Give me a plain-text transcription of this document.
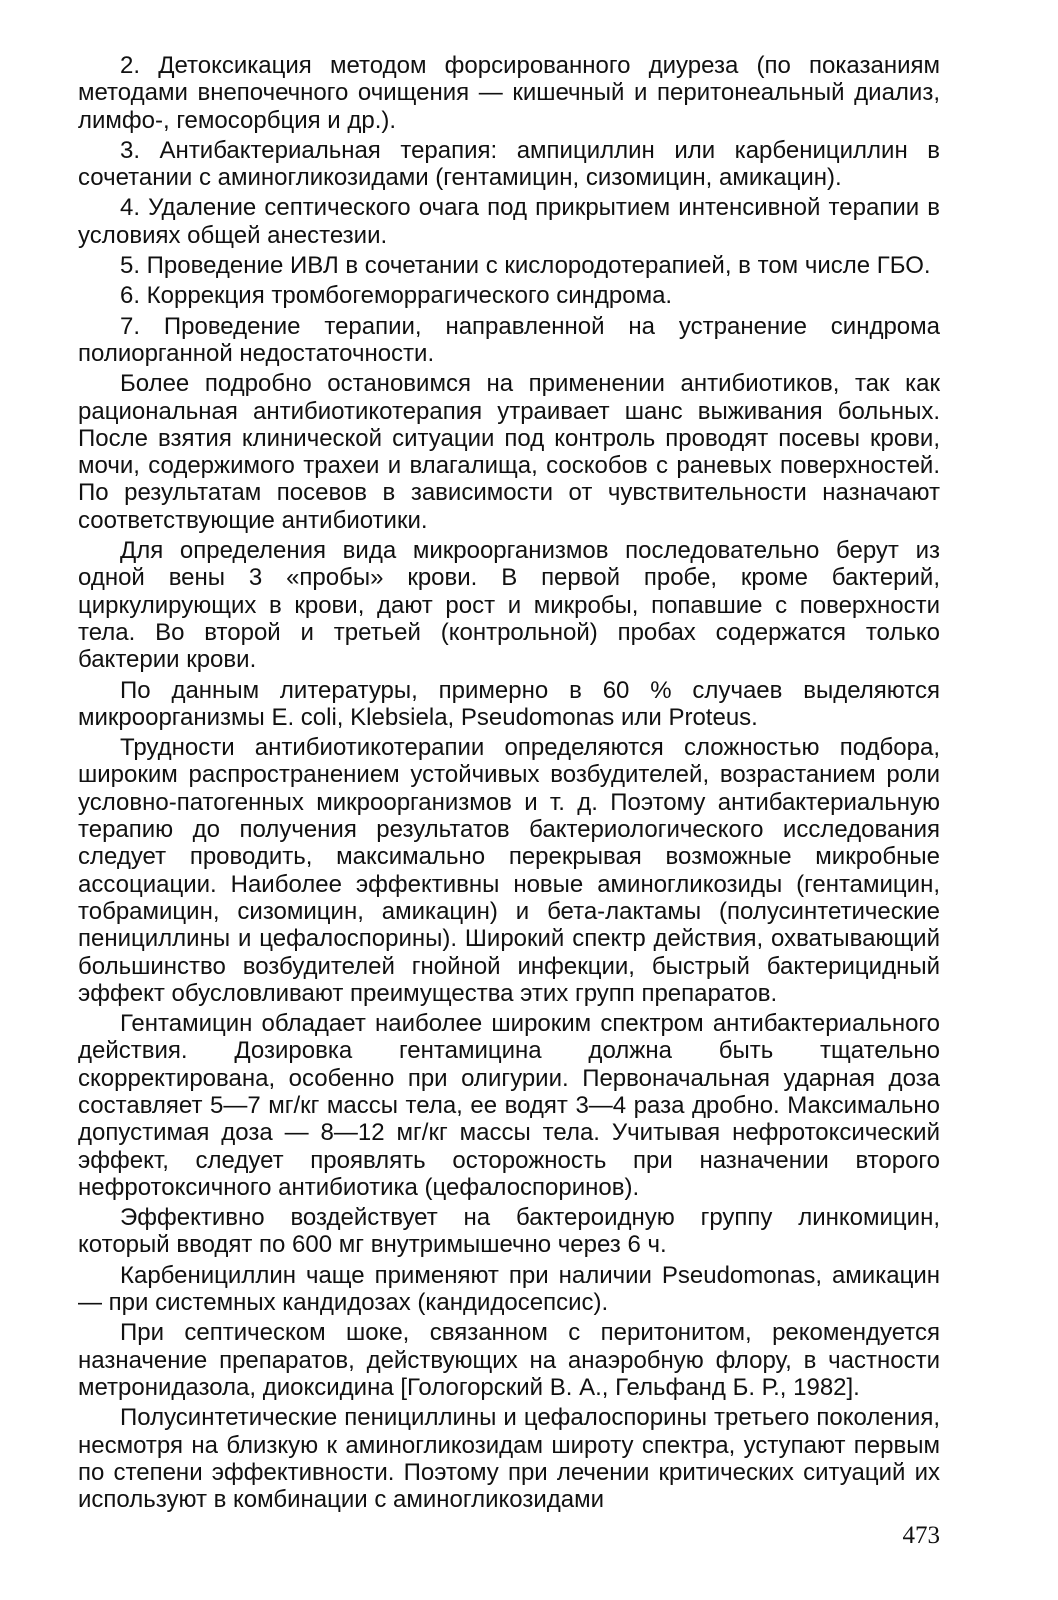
2. Детоксикация методом форсированного диуреза (по показаниям методами внепочечного очищения — кишечный и перитонеальный диализ, лимфо-, гемосорбция и др.).

3. Антибактериальная терапия: ампициллин или карбенициллин в сочетании с аминогликозидами (гентамицин, сизомицин, амикацин).

4. Удаление септического очага под прикрытием интенсивной терапии в условиях общей анестезии.

5. Проведение ИВЛ в сочетании с кислородотерапией, в том числе ГБО.

6. Коррекция тромбогеморрагического синдрома.

7. Проведение терапии, направленной на устранение синдрома полиорганной недостаточности.

Более подробно остановимся на применении антибиотиков, так как рациональная антибиотикотерапия утраивает шанс выживания больных. После взятия клинической ситуации под контроль проводят посевы крови, мочи, содержимого трахеи и влагалища, соскобов с раневых поверхностей. По результатам посевов в зависимости от чувствительности назначают соответствующие антибиотики.

Для определения вида микроорганизмов последовательно берут из одной вены 3 «пробы» крови. В первой пробе, кроме бактерий, циркулирующих в крови, дают рост и микробы, попавшие с поверхности тела. Во второй и третьей (контрольной) пробах содержатся только бактерии крови.

По данным литературы, примерно в 60 % случаев выделяются микроорганизмы E. coli, Klebsiela, Pseudomonas или Proteus.

Трудности антибиотикотерапии определяются сложностью подбора, широким распространением устойчивых возбудителей, возрастанием роли условно-патогенных микроорганизмов и т. д. Поэтому антибактериальную терапию до получения результатов бактериологического исследования следует проводить, максимально перекрывая возможные микробные ассоциации. Наиболее эффективны новые аминогликозиды (гентамицин, тобрамицин, сизомицин, амикацин) и бета-лактамы (полусинтетические пенициллины и цефалоспорины). Широкий спектр действия, охватывающий большинство возбудителей гнойной инфекции, быстрый бактерицидный эффект обусловливают преимущества этих групп препаратов.

Гентамицин обладает наиболее широким спектром антибактериального действия. Дозировка гентамицина должна быть тщательно скорректирована, особенно при олигурии. Первоначальная ударная доза составляет 5—7 мг/кг массы тела, ее водят 3—4 раза дробно. Максимально допустимая доза — 8—12 мг/кг массы тела. Учитывая нефротоксический эффект, следует проявлять осторожность при назначении второго нефротоксичного антибиотика (цефалоспоринов).

Эффективно воздействует на бактероидную группу линкомицин, который вводят по 600 мг внутримышечно через 6 ч.

Карбенициллин чаще применяют при наличии Pseudomonas, амикацин — при системных кандидозах (кандидосепсис).

При септическом шоке, связанном с перитонитом, рекомендуется назначение препаратов, действующих на анаэробную флору, в частности метронидазола, диоксидина [Гологорский В. А., Гельфанд Б. Р., 1982].

Полусинтетические пенициллины и цефалоспорины третьего поколения, несмотря на близкую к аминогликозидам широту спектра, уступают первым по степени эффективности. Поэтому при лечении критических ситуаций их используют в комбинации с аминогликозидами

473
